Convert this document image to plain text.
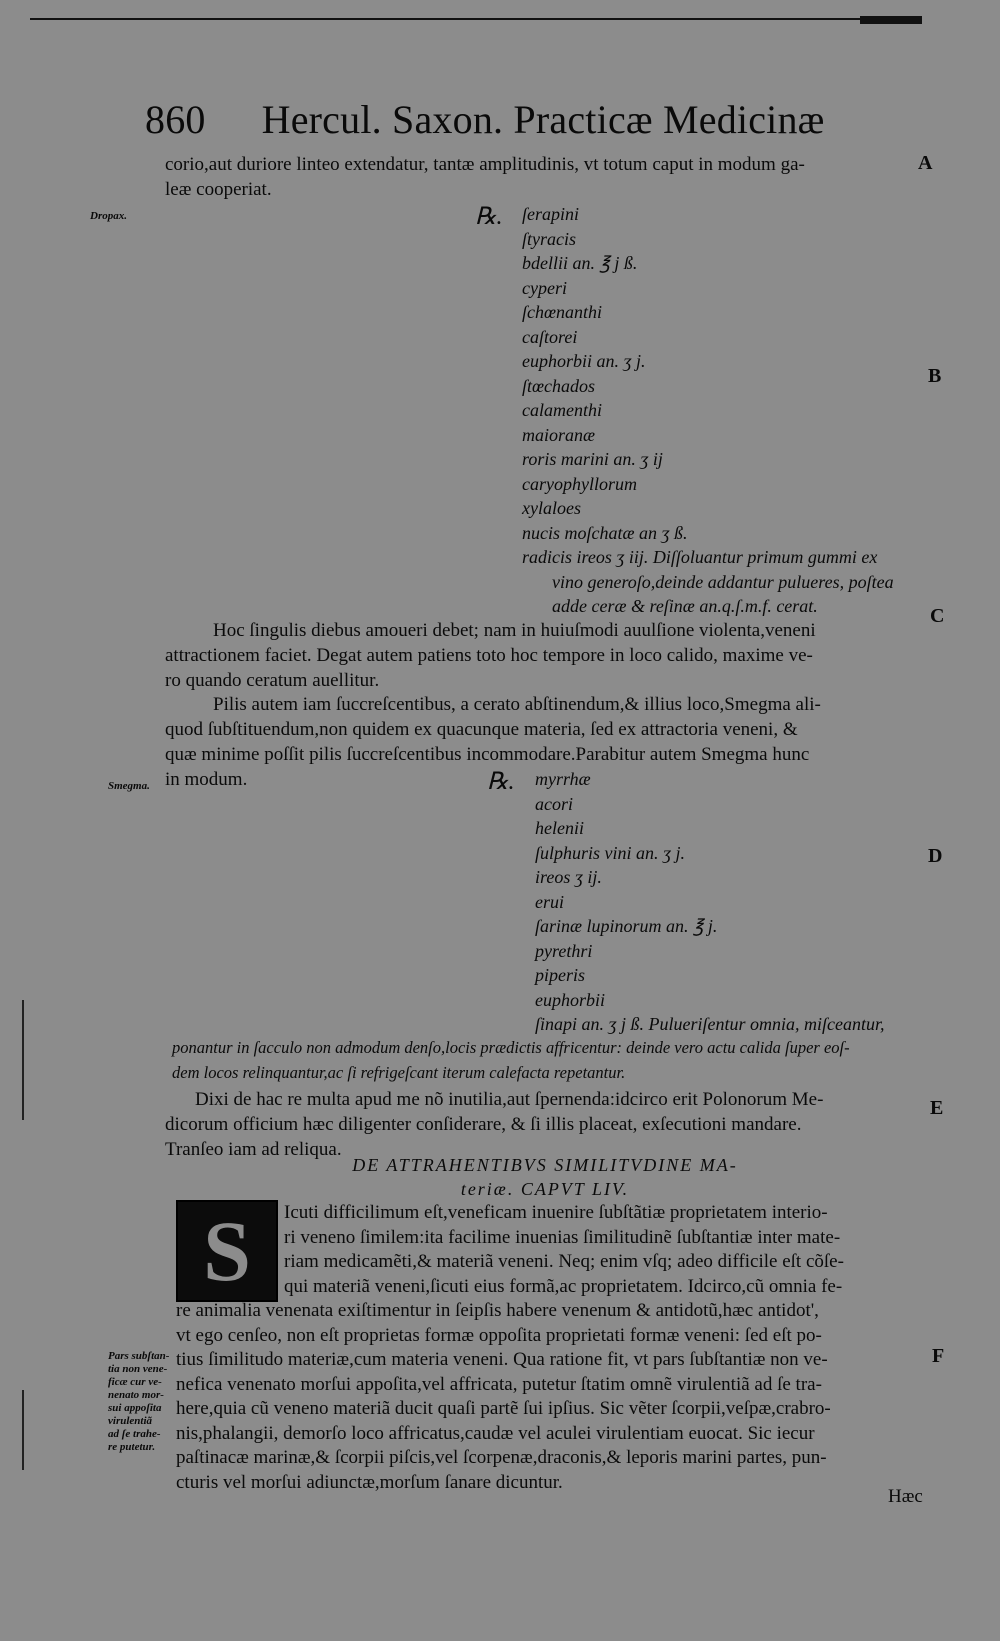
860 Hercul. Saxon. Practicæ Medicinæ
A
B
C
D
E
F
corio,aut duriore linteo extendatur, tantæ amplitudinis, vt totum caput in modum ga-
leæ cooperiat.
Dropax.	℞. ſerapini
ſtyracis
bdellii an. ℥ j ß.
cyperi
ſchœnanthi
caſtorei
euphorbii an. ʒ j.
ſtœchados
calamenthi
maioranæ
roris marini an. ʒ ij
caryophyllorum
xylaloes
nucis moſchatæ an ʒ ß.
radicis ireos ʒ iij. Diſſoluantur primum gummi ex
vino generoſo,deinde addantur pulueres, poſtea
adde ceræ & reſinæ an.q.ſ.m.f. cerat.
Hoc ſingulis diebus amoueri debet; nam in huiuſmodi auulſione violenta,veneni
attractionem faciet. Degat autem patiens toto hoc tempore in loco calido, maxime ve-
ro quando ceratum auellitur.
Pilis autem iam ſuccreſcentibus, a cerato abſtinendum,& illius loco,Smegma ali-
quod ſubſtituendum,non quidem ex quacunque materia, ſed ex attractoria veneni, &
quæ minime poſſit pilis ſuccreſcentibus incommodare.Parabitur autem Smegma hunc
in modum.
Smegma.	℞. myrrhæ
acori
helenii
ſulphuris vini an. ʒ j.
ireos ʒ ij.
erui
ſarinæ lupinorum an. ℥ j.
pyrethri
piperis
euphorbii
ſinapi an. ʒ j ß. Pulueriſentur omnia, miſceantur,
ponantur in ſacculo non admodum denſo,locis prædictis affricentur: deinde vero actu calida ſuper eoſ-
dem locos relinquantur,ac ſi refrigeſcant iterum calefacta repetantur.
Dixi de hac re multa apud me nõ inutilia,aut ſpernenda:idcirco erit Polonorum Me-
dicorum officium hæc diligenter conſiderare, & ſi illis placeat, exſecutioni mandare.
Tranſeo iam ad reliqua.
DE ATTRAHENTIBVS SIMILITVDINE MA-
teriæ. CAPVT LIV.
S	Icuti difficilimum eſt,veneficam inuenire ſubſtãtiæ proprietatem interio-
ri veneno ſimilem:ita facilime inuenias ſimilitudinẽ ſubſtantiæ inter mate-
riam medicamẽti,& materiã veneni. Neq; enim vſq; adeo difficile eſt cõſe-
qui materiã veneni,ſicuti eius formã,ac proprietatem. Idcirco,cũ omnia fe-
re animalia venenata exiſtimentur in ſeipſis habere venenum & antidotũ,hæc antidot',
vt ego cenſeo, non eſt proprietas formæ oppoſita proprietati formæ veneni: ſed eſt po-
tius ſimilitudo materiæ,cum materia veneni. Qua ratione fit, vt pars ſubſtantiæ non ve-
nefica venenato morſui appoſita,vel affricata, putetur ſtatim omnẽ virulentiã ad ſe tra-
here,quia cũ veneno materiã ducit quaſi partẽ ſui ipſius. Sic vẽter ſcorpii,veſpæ,crabro-
nis,phalangii, demorſo loco affricatus,caudæ vel aculei virulentiam euocat. Sic iecur
paſtinacæ marinæ,& ſcorpii piſcis,vel ſcorpenæ,draconis,& leporis marini partes, pun-
cturis vel morſui adiunctæ,morſum ſanare dicuntur.
Pars subſtan-
tia non vene-
ficæ cur ve-
nenato mor-
sui appoſita
virulentiã
ad ſe trahe-
re putetur.
Hæc
